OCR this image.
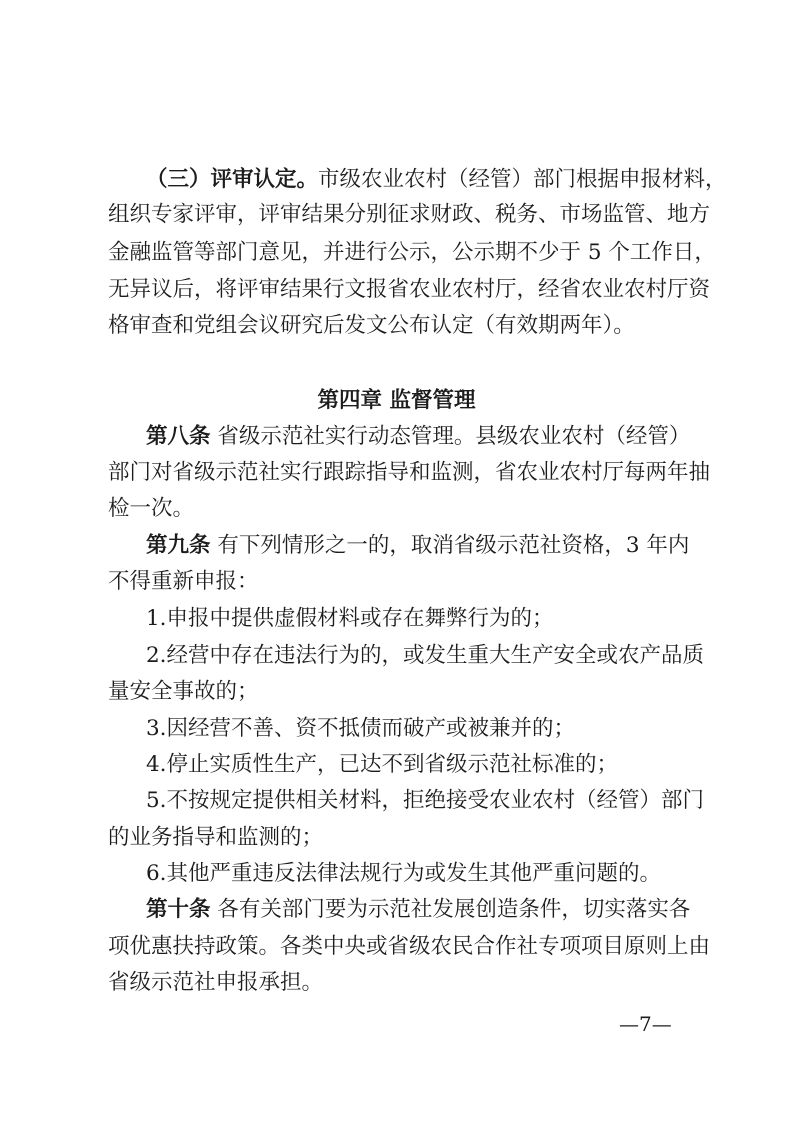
（三）评审认定。市级农业农村（经管）部门根据申报材料，
组织专家评审，评审结果分别征求财政、税务、市场监管、地方
金融监管等部门意见，并进行公示，公示期不少于 5 个工作日，
无异议后，将评审结果行文报省农业农村厅，经省农业农村厅资
格审查和党组会议研究后发文公布认定（有效期两年）。
第四章 监督管理
第八条 省级示范社实行动态管理。县级农业农村（经管）
部门对省级示范社实行跟踪指导和监测，省农业农村厅每两年抽
检一次。
第九条 有下列情形之一的，取消省级示范社资格，3 年内
不得重新申报：
1.申报中提供虚假材料或存在舞弊行为的；
2.经营中存在违法行为的，或发生重大生产安全或农产品质
量安全事故的；
3.因经营不善、资不抵债而破产或被兼并的；
4.停止实质性生产，已达不到省级示范社标准的；
5.不按规定提供相关材料，拒绝接受农业农村（经管）部门
的业务指导和监测的；
6.其他严重违反法律法规行为或发生其他严重问题的。
第十条 各有关部门要为示范社发展创造条件，切实落实各
项优惠扶持政策。各类中央或省级农民合作社专项项目原则上由
省级示范社申报承担。
—7—
